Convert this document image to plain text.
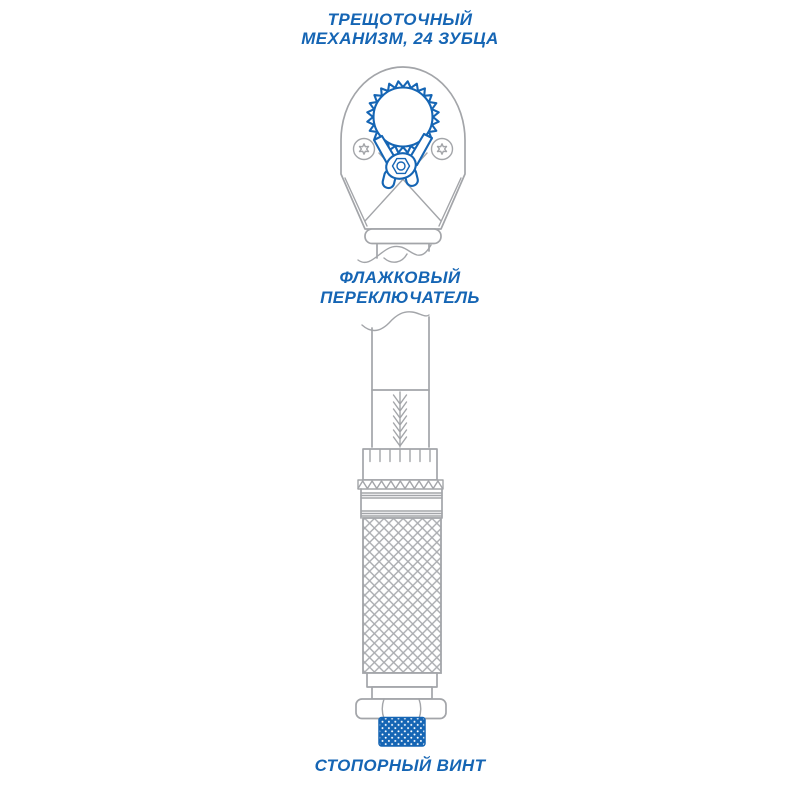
ТРЕЩОТОЧНЫЙ
МЕХАНИЗМ, 24 ЗУБЦА
ФЛАЖКОВЫЙ
ПЕРЕКЛЮЧАТЕЛЬ
СТОПОРНЫЙ ВИНТ
